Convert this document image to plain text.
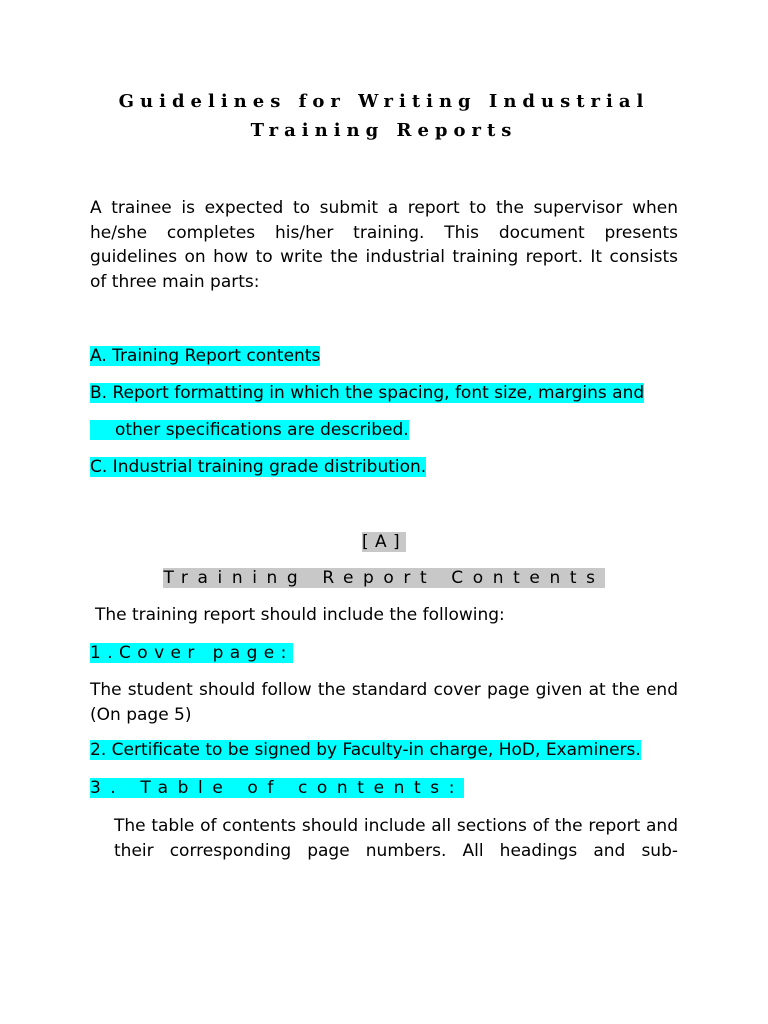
Guidelines for Writing Industrial
Training Reports

A trainee is expected to submit a report to the supervisor when he/she completes his/her training. This document presents guidelines on how to write the industrial training report. It consists of three main parts:

A. Training Report contents
B. Report formatting in which the spacing, font size, margins and
other specifications are described.
C. Industrial training grade distribution.
[A]
Training Report Contents
The training report should include the following:
1.Cover page:

The student should follow the standard cover page given at the end (On page 5)

2. Certificate to be signed by Faculty-in charge, HoD, Examiners.
3. Table of contents:

The table of contents should include all sections of the report and their corresponding page numbers. All headings and sub-
